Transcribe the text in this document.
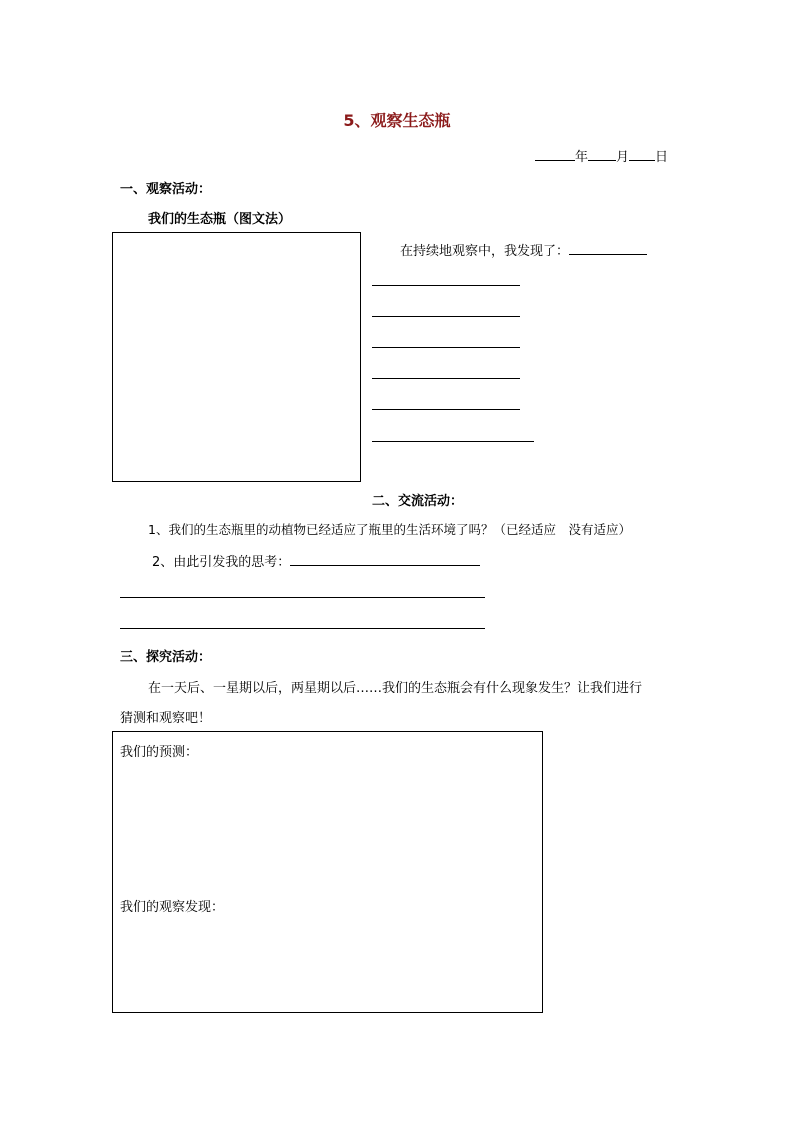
5、观察生态瓶
年 月 日
一、观察活动：
我们的生态瓶（图文法）
在持续地观察中，我发现了：
二、交流活动：
1、我们的生态瓶里的动植物已经适应了瓶里的生活环境了吗？（已经适应　没有适应）
2、由此引发我的思考：
三、探究活动：
在一天后、一星期以后，两星期以后……我们的生态瓶会有什么现象发生？让我们进行
猜测和观察吧！
我们的预测：
我们的观察发现：
